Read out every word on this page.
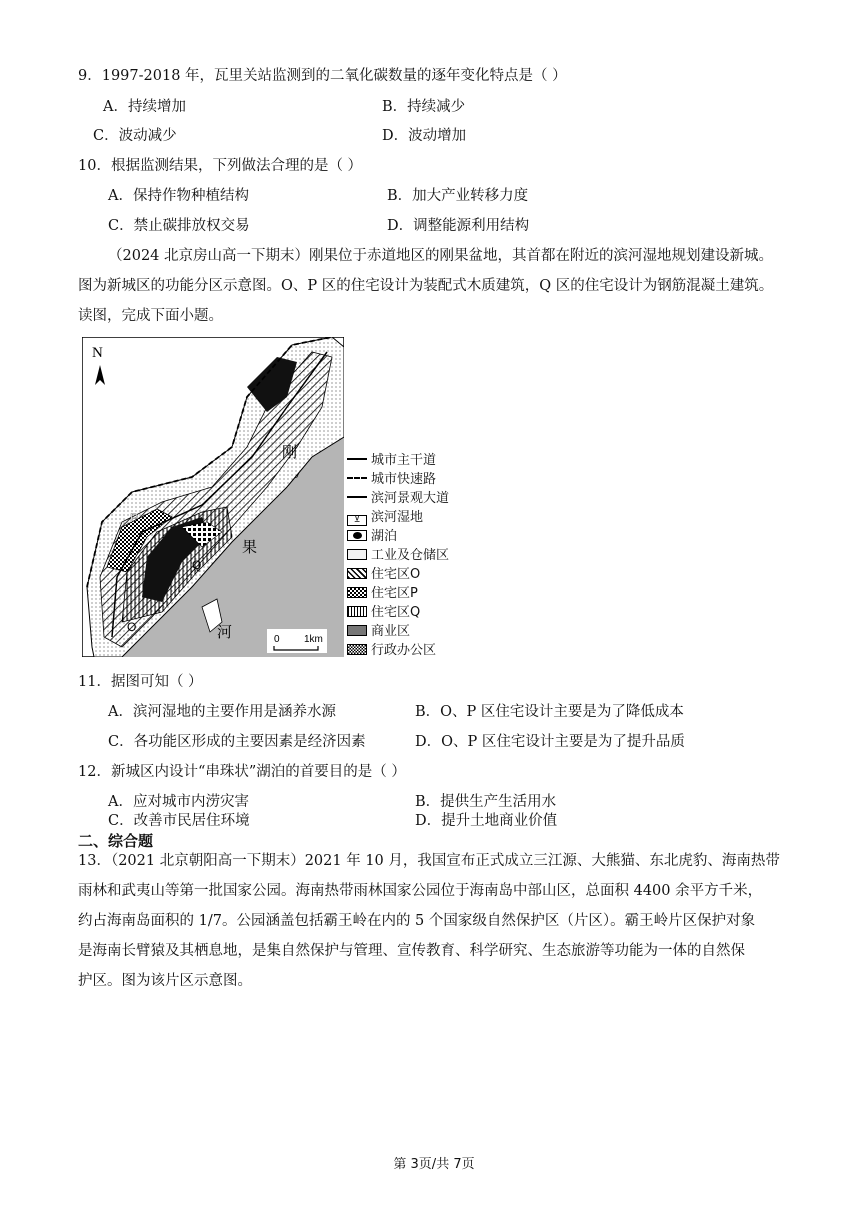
9．1997-2018 年，瓦里关站监测到的二氧化碳数量的逐年变化特点是（ ）
A．持续增加	B．持续减少
C．波动减少	D．波动增加
10．根据监测结果，下列做法合理的是（ ）
A．保持作物种植结构	B．加大产业转移力度
C．禁止碳排放权交易	D．调整能源利用结构
（2024 北京房山高一下期末）刚果位于赤道地区的刚果盆地，其首都在附近的滨河湿地规划建设新城。
图为新城区的功能分区示意图。O、P 区的住宅设计为装配式木质建筑，Q 区的住宅设计为钢筋混凝土建筑。
读图，完成下面小题。
N
刚
果
河
P
Q
O
0 1km
城市主干道
城市快速路
滨河景观大道
⊻ 滨河湿地
湖泊
工业及仓储区
住宅区O
住宅区P
住宅区Q
商业区
行政办公区
11．据图可知（ ）
A．滨河湿地的主要作用是涵养水源	B．O、P 区住宅设计主要是为了降低成本
C．各功能区形成的主要因素是经济因素	D．O、P 区住宅设计主要是为了提升品质
12．新城区内设计“串珠状”湖泊的首要目的是（ ）
A．应对城市内涝灾害	B．提供生产生活用水
C．改善市民居住环境	D．提升土地商业价值
二、综合题
13．（2021 北京朝阳高一下期末）2021 年 10 月，我国宣布正式成立三江源、大熊猫、东北虎豹、海南热带
雨林和武夷山等第一批国家公园。海南热带雨林国家公园位于海南岛中部山区，总面积 4400 余平方千米，
约占海南岛面积的 1/7。公园涵盖包括霸王岭在内的 5 个国家级自然保护区（片区）。霸王岭片区保护对象
是海南长臂猿及其栖息地，是集自然保护与管理、宣传教育、科学研究、生态旅游等功能为一体的自然保
护区。图为该片区示意图。
第 3页/共 7页
